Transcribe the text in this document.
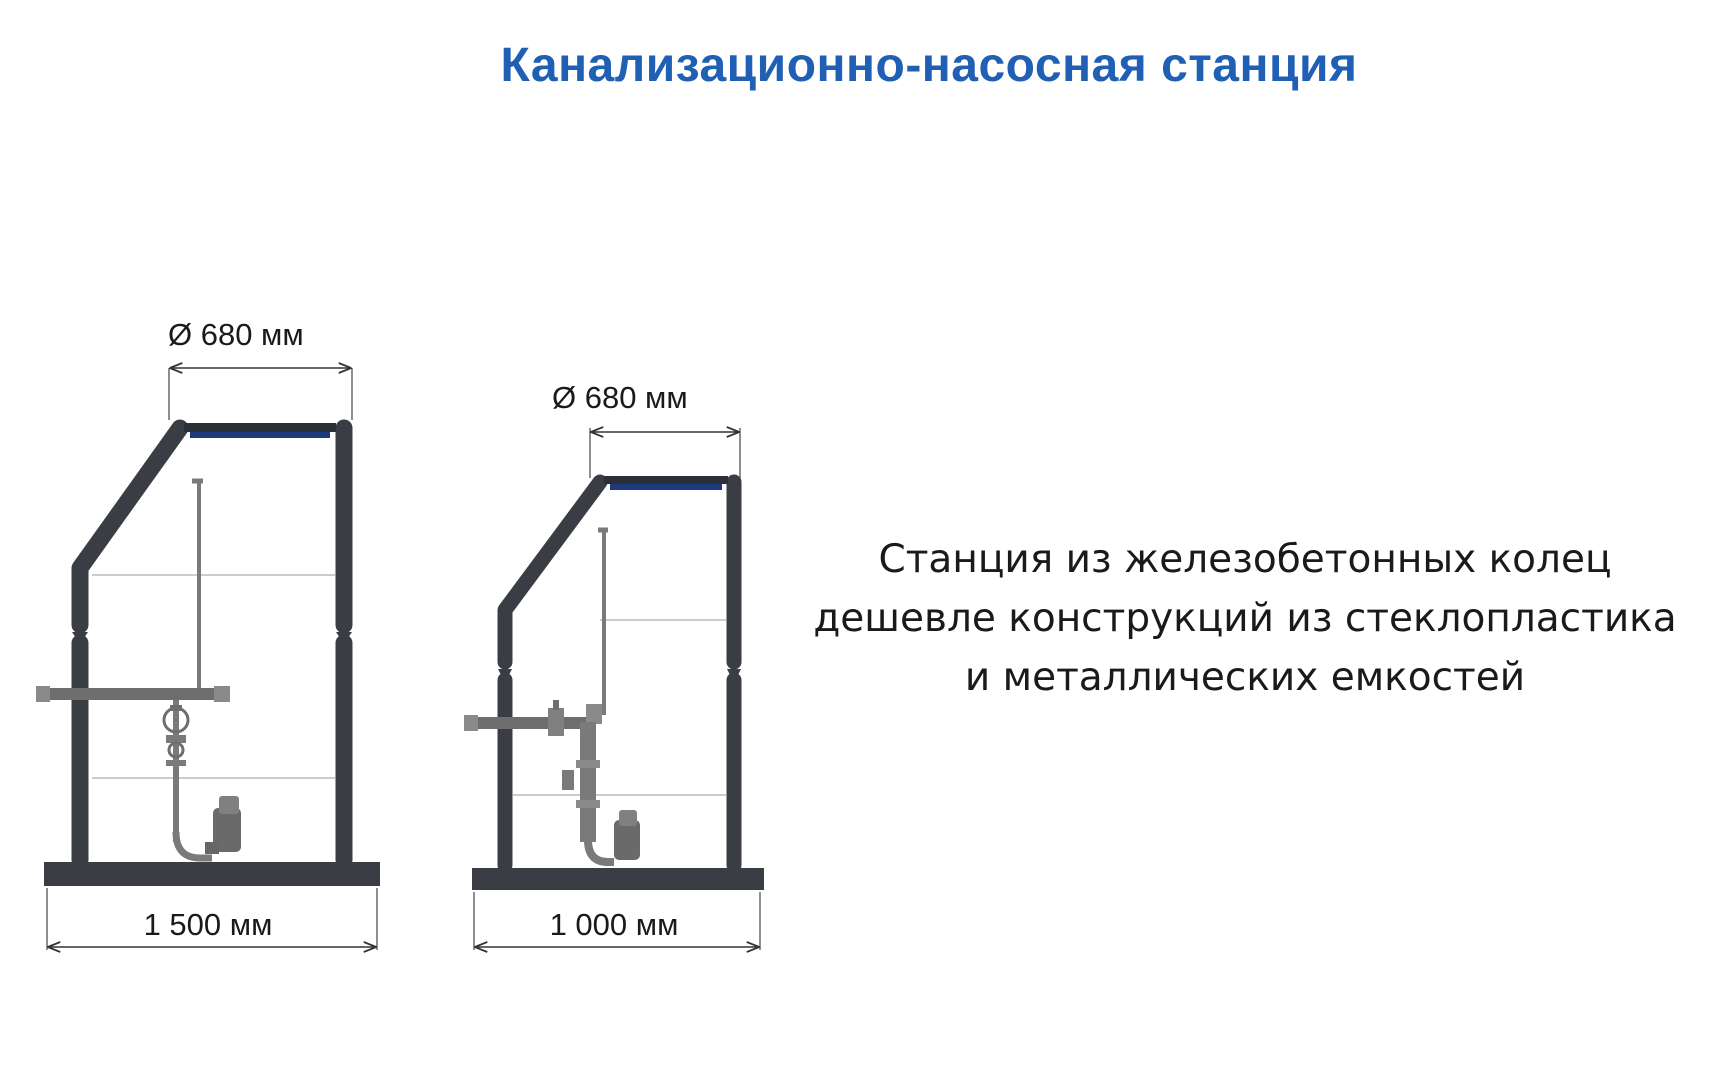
Канализационно-насосная станция
Ø 680 мм
1 500 мм
Ø 680 мм
1 000 мм
Станция из железобетонных колец
дешевле конструкций из стеклопластика
и металлических емкостей
